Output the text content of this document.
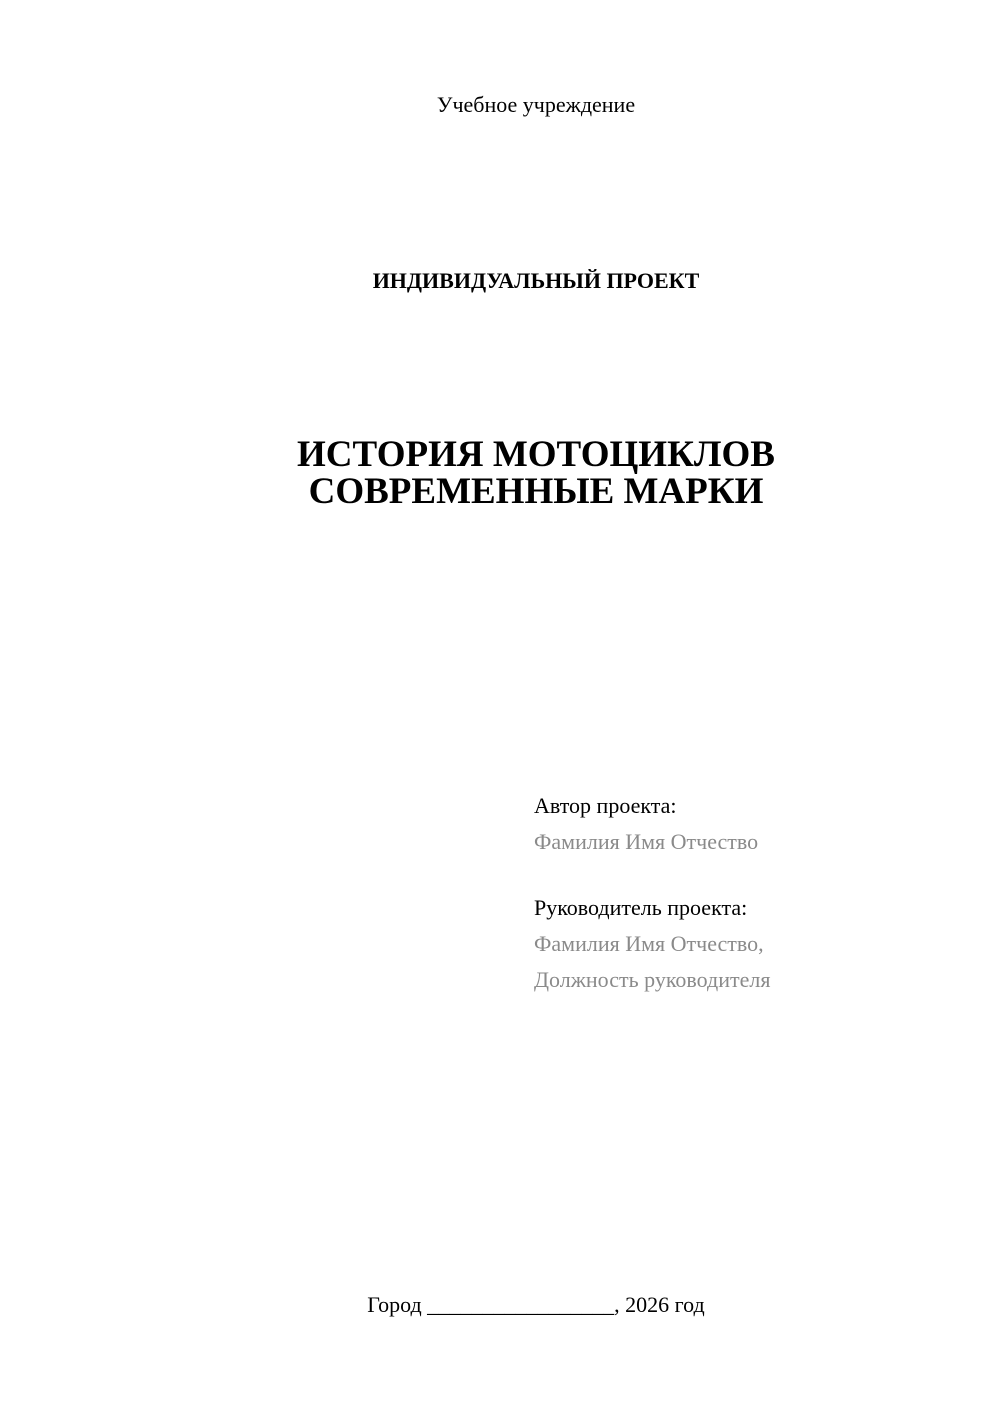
Учебное учреждение
ИНДИВИДУАЛЬНЫЙ ПРОЕКТ
ИСТОРИЯ МОТОЦИКЛОВ
СОВРЕМЕННЫЕ МАРКИ
Автор проекта:
Фамилия Имя Отчество
Руководитель проекта:
Фамилия Имя Отчество,
Должность руководителя
Город _________________, 2026 год
